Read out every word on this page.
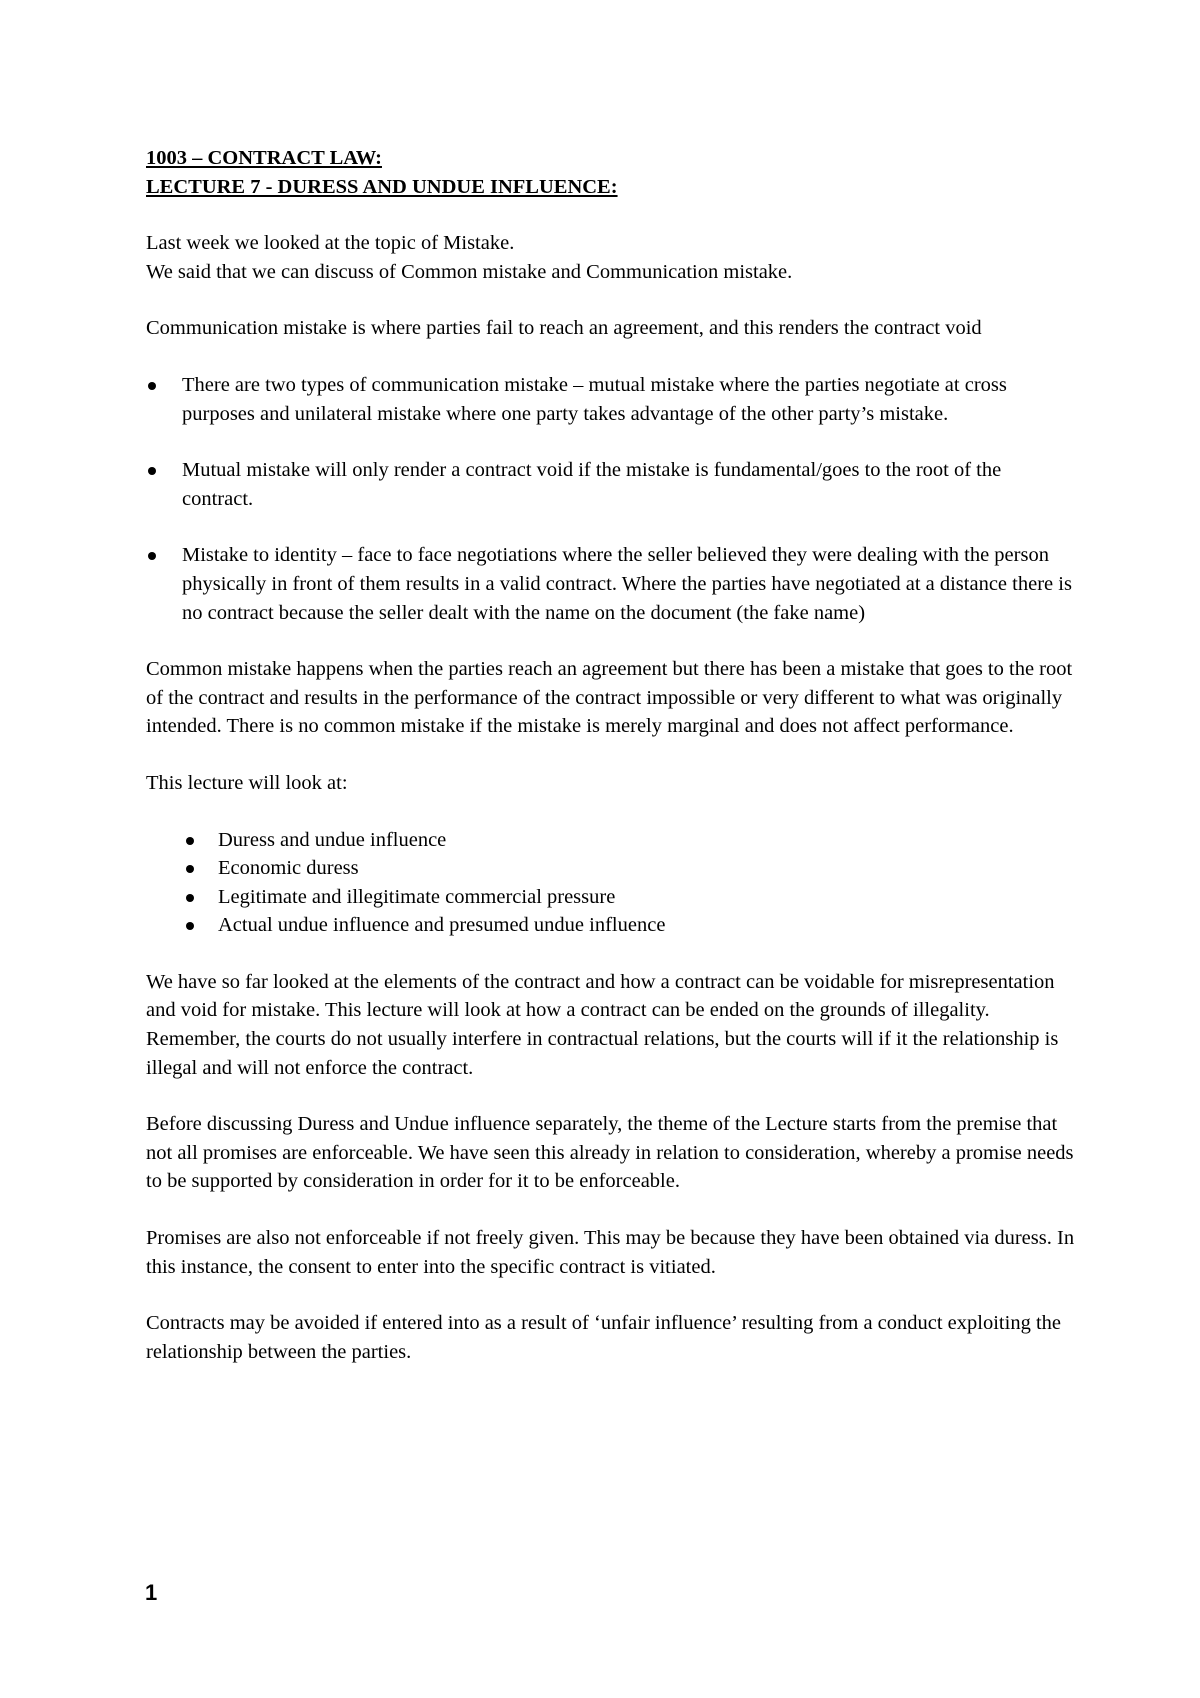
1003 – CONTRACT LAW:

LECTURE 7 - DURESS AND UNDUE INFLUENCE:

Last week we looked at the topic of Mistake.
We said that we can discuss of Common mistake and Communication mistake.

Communication mistake is where parties fail to reach an agreement, and this renders the contract void

There are two types of communication mistake – mutual mistake where the parties negotiate at cross purposes and unilateral mistake where one party takes advantage of the other party’s mistake.
Mutual mistake will only render a contract void if the mistake is fundamental/goes to the root of the contract.
Mistake to identity – face to face negotiations where the seller believed they were dealing with the person physically in front of them results in a valid contract. Where the parties have negotiated at a distance there is no contract because the seller dealt with the name on the document (the fake name)

Common mistake happens when the parties reach an agreement but there has been a mistake that goes to the root of the contract and results in the performance of the contract impossible or very different to what was originally intended. There is no common mistake if the mistake is merely marginal and does not affect performance.

This lecture will look at:

Duress and undue influence
Economic duress
Legitimate and illegitimate commercial pressure
Actual undue influence and presumed undue influence

We have so far looked at the elements of the contract and how a contract can be voidable for misrepresentation and void for mistake. This lecture will look at how a contract can be ended on the grounds of illegality. Remember, the courts do not usually interfere in contractual relations, but the courts will if it the relationship is illegal and will not enforce the contract.

Before discussing Duress and Undue influence separately, the theme of the Lecture starts from the premise that not all promises are enforceable. We have seen this already in relation to consideration, whereby a promise needs to be supported by consideration in order for it to be enforceable.

Promises are also not enforceable if not freely given. This may be because they have been obtained via duress. In this instance, the consent to enter into the specific contract is vitiated.

Contracts may be avoided if entered into as a result of ‘unfair influence’ resulting from a conduct exploiting the relationship between the parties.

1
